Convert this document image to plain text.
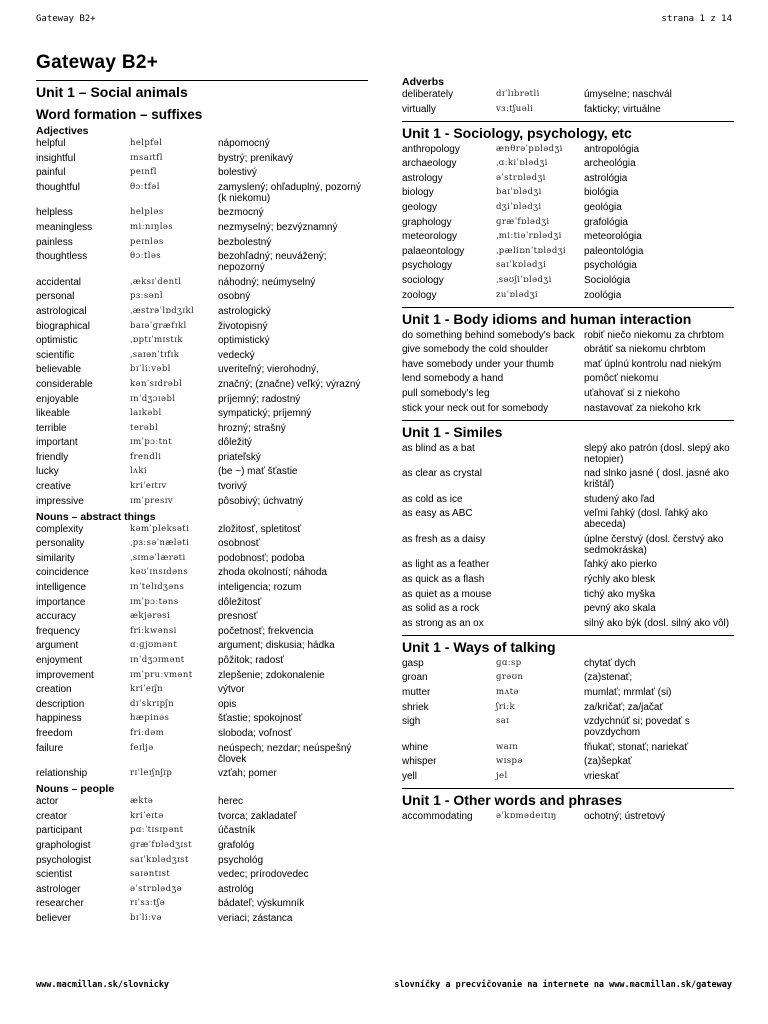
Gateway B2+	strana 1 z 14
Gateway B2+
Unit 1 – Social animals
Word formation – suffixes
Adjectives
helpful	helpfəl	nápomocný
insightful	ɪnsaɪtfl	bystrý; prenikavý
painful	peɪnfl	bolestivý
thoughtful	θɔːtfəl	zamyslený; ohľaduplný, pozorný (k niekomu)
helpless	helpləs	bezmocný
meaningless	miːnɪŋləs	nezmyselný; bezvýznamný
painless	peɪnləs	bezbolestný
thoughtless	θɔːtləs	bezohľadný; neuvážený; nepozorný
accidental	ˌæksɪˈdentl	náhodný; neúmyselný
personal	pɜːsənl	osobný
astrological	ˌæstrəˈlɒdʒɪkl	astrologický
biographical	baɪəˈɡræfɪkl	životopisný
optimistic	ˌɒptɪˈmɪstɪk	optimistický
scientific	ˌsaɪənˈtɪfɪk	vedecký
believable	bɪˈliːvəbl	uveriteľný; vierohodný,
considerable	kənˈsɪdrəbl	značný; (značne) veľký; výrazný
enjoyable	ɪnˈdʒɔɪəbl	príjemný; radostný
likeable	laɪkəbl	sympatický; príjemný
terrible	terəbl	hrozný; strašný
important	ɪmˈpɔːtnt	dôležitý
friendly	frendli	priateľský
lucky	lʌki	(be ~) mať šťastie
creative	kriˈeɪtɪv	tvorivý
impressive	ɪmˈpresɪv	pôsobivý; úchvatný
Nouns – abstract things
complexity	kəmˈpleksəti	zložitosť, spletitosť
personality	ˌpɜːsəˈnæləti	osobnosť
similarity	ˌsɪməˈlærəti	podobnosť; podoba
coincidence	kəʊˈɪnsɪdəns	zhoda okolností; náhoda
intelligence	ɪnˈtelɪdʒəns	inteligencia; rozum
importance	ɪmˈpɔːtəns	dôležitosť
accuracy	ækjərəsi	presnosť
frequency	friːkwənsi	početnosť; frekvencia
argument	ɑːɡjʊmənt	argument; diskusia; hádka
enjoyment	ɪnˈdʒɔɪmənt	pôžitok; radosť
improvement	ɪmˈpruːvmənt	zlepšenie; zdokonalenie
creation	kriˈeɪʃn	výtvor
description	dɪˈskrɪpʃn	opis
happiness	hæpinəs	šťastie; spokojnosť
freedom	friːdəm	sloboda; voľnosť
failure	feɪljə	neúspech; nezdar; neúspešný človek
relationship	rɪˈleɪʃnʃɪp	vzťah; pomer
Nouns – people
actor	æktə	herec
creator	kriˈeɪtə	tvorca; zakladateľ
participant	pɑːˈtɪsɪpənt	účastník
graphologist	ɡræˈfɒlədʒɪst	grafológ
psychologist	saɪˈkɒlədʒɪst	psychológ
scientist	saɪəntɪst	vedec; prírodovedec
astrologer	əˈstrɒlədʒə	astrológ
researcher	rɪˈsɜːtʃə	bádateľ; výskumník
believer	bɪˈliːvə	veriaci; zástanca
Adverbs
deliberately	dɪˈlɪbrətli	úmyselne; naschvál
virtually	vɜːtʃuəli	fakticky; virtuálne
Unit 1 - Sociology, psychology, etc
anthropology	ænθrəˈpɒlədʒi	antropológia
archaeology	ˌɑːkiˈɒlədʒi	archeológia
astrology	əˈstrɒlədʒi	astrológia
biology	baɪˈɒlədʒi	biológia
geology	dʒiˈɒlədʒi	geológia
graphology	ɡræˈfɒlədʒi	grafológia
meteorology	ˌmiːtiəˈrɒlədʒi	meteorológia
palaeontology	ˌpæliɒnˈtɒlədʒi	paleontológia
psychology	saɪˈkɒlədʒi	psychológia
sociology	ˌsəʊʃiˈɒlədʒi	Sociológia
zoology	zuˈɒlədʒi	zoológia
Unit 1 - Body idioms and human interaction
do something behind somebody's back robiť niečo niekomu za chrbtom
give somebody the cold shoulder	obrátiť sa niekomu chrbtom
have somebody under your thumb	mať úplnú kontrolu nad niekým
lend somebody a hand	pomôcť niekomu
pull somebody's leg	uťahovať si z niekoho
stick your neck out for somebody	nastavovať za niekoho krk
Unit 1 - Similes
as blind as a bat	slepý ako patrón (dosl. slepý ako netopier)
as clear as crystal	nad slnko jasné ( dosl. jasné ako krištáľ)
as cold as ice	studený ako ľad
as easy as ABC	veľmi ľahký (dosl. ľahký ako abeceda)
as fresh as a daisy	úplne čerstvý (dosl. čerstvý ako sedmokráska)
as light as a feather	ľahký ako pierko
as quick as a flash	rýchly ako blesk
as quiet as a mouse	tichý ako myška
as solid as a rock	pevný ako skala
as strong as an ox	silný ako býk (dosl. silný ako vôl)
Unit 1 - Ways of talking
gasp	ɡɑːsp	chytať dych
groan	ɡrəʊn	(za)stenať;
mutter	mʌtə	mumlať; mrmlať (si)
shriek	ʃriːk	za/kričať; za/jačať
sigh	saɪ	vzdychnúť si; povedať s povzdychom
whine	waɪn	fňukať; stonať; nariekať
whisper	wɪspə	(za)šepkať
yell	jel	vrieskať
Unit 1 - Other words and phrases
accommodating	əˈkɒmədeɪtɪŋ	ochotný; ústretový
www.macmillan.sk/slovnicky	slovníčky a precvičovanie na internete na www.macmillan.sk/gateway
